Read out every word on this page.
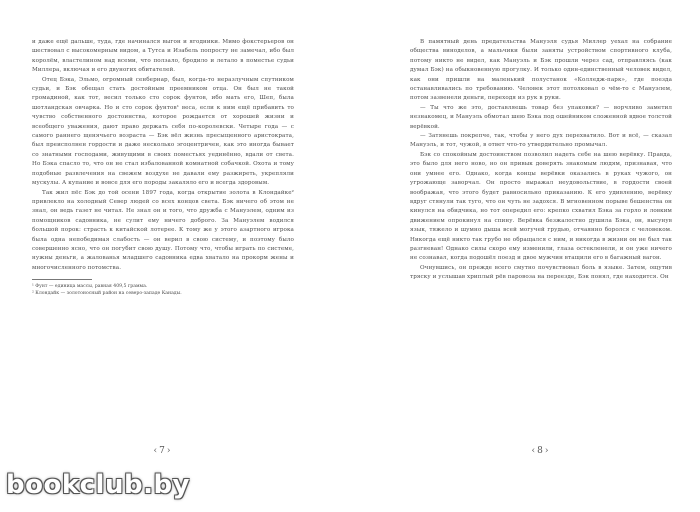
и даже ещё дальше, туда, где начинался выгон и ягодники. Мимо фокстерьеров он шествовал с высокомерным видом, а Тутса и Изабель попросту не замечал, ибо был королём, властелином над всеми, что ползало, бродило и летало в поместье судьи Миллера, включая и его двуногих обитателей.

Отец Бэка, Эльмо, огромный сенбернар, был, когда-то неразлучным спутником судьи, и Бэк обещал стать достойным преемником отца. Он был не такой громадиной, как тот, весил только сто сорок фунтов, ибо мать его, Шеп, была шотландская овчарка. Но и сто сорок фунтов¹ веса, если к ним ещё прибавить то чувство собственного достоинства, которое рождается от хорошей жизни и всеобщего уважения, дают право держать себя по-королевски. Четыре года — с самого раннего щенячьего возраста — Бэк вёл жизнь пресыщенного аристократа, был преисполнен гордости и даже несколько эгоцентричен, как это иногда бывает со знатными господами, живущими в своих поместьях уединённо, вдали от света. Но Бэка спасло то, что он не стал избалованной комнатной собачкой. Охота и тому подобные развлечения на свежем воздухе не давали ему разжиреть, укрепляли мускулы. А купание и вовсе для его породы закаляло его и всегда здоровым.

Так жил пёс Бэк до той осени 1897 года, когда открытие золота в Клондайке² привлекло на холодный Север людей со всех концов света. Бэк ничего об этом не знал, он ведь газет не читал. Не знал он и того, что дружба с Мануэлем, одним из помощников садовника, не сулит ему ничего доброго. За Мануэлем водился большой порок: страсть к китайской лотерее. К тому же у этого азартного игрока была одна непобедимая слабость — он верил в свою систему, и поэтому было совершенно ясно, что он погубит свою душу. Потому что, чтобы играть по системе, нужны деньги, а жалованья младшего садовника едва хватало на прокорм жены и многочисленного потомства.

¹ Фунт — единица массы, равная 409,5 граммa.

² Клондайк — золотоносный район на северо-западе Канады.

‹7›

В памятный день предательства Мануэля судья Миллер уехал на собрание общества виноделов, а мальчики были заняты устройством спортивного клуба, потому никто не видел, как Мануэль и Бэк прошли через сад, отправляясь (как думал Бэк) на обыкновенную прогулку. И только один-единственный человек видел, как они пришли на маленький полустанок «Колледж-парк», где поезда останавливались по требованию. Человек этот потолковал о чём-то с Мануэлем, потом зазвенели деньги, переходя из рук в руки.

— Ты что же это, доставляешь товар без упаковки? — ворчливо заметил незнакомец, и Мануэль обмотал шею Бэка под ошейником сложенной вдвое толстой верёвкой.

— Затянешь покрепче, так, чтобы у него дух перехватило. Вот и всё, — сказал Мануэль, и тот, чужой, в ответ что-то утвердительно промычал.

Бэк со спокойным достоинством позволил надеть себе на шею верёвку. Правда, это было для него ново, но он привык доверять знакомым людям, признавая, что они умнее его. Однако, когда концы верёвки оказались в руках чужого, он угрожающе заворчал. Он просто выражал неудовольствие, в гордости своей воображая, что этого будет равносильно приказанию. К его удивлению, верёвку вдруг стянули так туго, что он чуть не задохся. В мгновенном порыве бешенства он кинулся на обидчика, но тот опередил его: крепко схватил Бэка за горло и ловким движением опрокинул на спину. Верёвка безжалостно душила Бэка, он, высунув язык, тяжело и шумно дыша всей могучей грудью, отчаянно боролся с человеком. Никогда ещё никто так грубо не обращался с ним, и никогда в жизни он не был так разгневан! Однако силы скоро ему изменили, глаза остекленели, и он уже ничего не сознавал, когда подошёл поезд и двое мужчин втащили его в багажный вагон.

Очнувшись, он прежде всего смутно почувствовал боль в языке. Затем, ощутив тряску и услышав хриплый рёв паровоза на переезде, Бэк понял, где находится. Он

‹8›
bookclub.by
